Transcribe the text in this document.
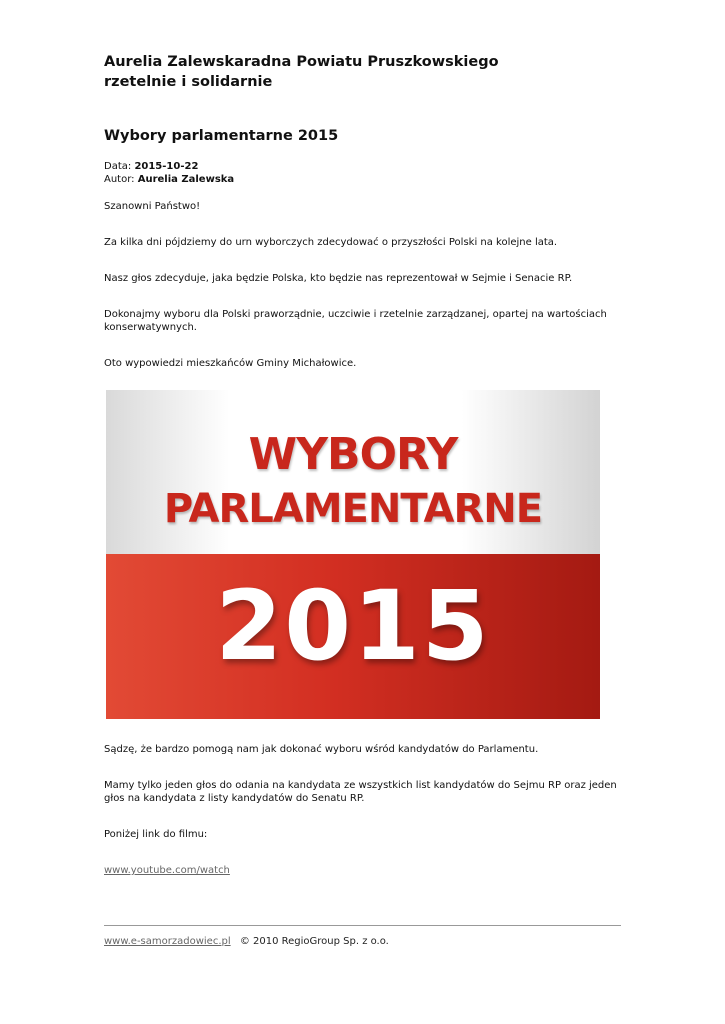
Aurelia Zalewskaradna Powiatu Pruszkowskiego
rzetelnie i solidarnie
Wybory parlamentarne 2015
Data: 2015-10-22
Autor: Aurelia Zalewska

Szanowni Państwo!

Za kilka dni pójdziemy do urn wyborczych zdecydować o przyszłości Polski na kolejne lata.

Nasz głos zdecyduje, jaka będzie Polska, kto będzie nas reprezentował w Sejmie i Senacie RP.

Dokonajmy wyboru dla Polski praworządnie, uczciwie i rzetelnie zarządzanej, opartej na wartościach konserwatywnych.

Oto wypowiedzi mieszkańców Gminy Michałowice.

WYBORY
PARLAMENTARNE
2015

Sądzę, że bardzo pomogą nam jak dokonać wyboru wśród kandydatów do Parlamentu.

Mamy tylko jeden głos do odania na kandydata ze wszystkich list kandydatów do Sejmu RP oraz jeden głos na kandydata z listy kandydatów do Senatu RP.

Poniżej link do filmu:

www.youtube.com/watch

www.e-samorzadowiec.pl © 2010 RegioGroup Sp. z o.o.
